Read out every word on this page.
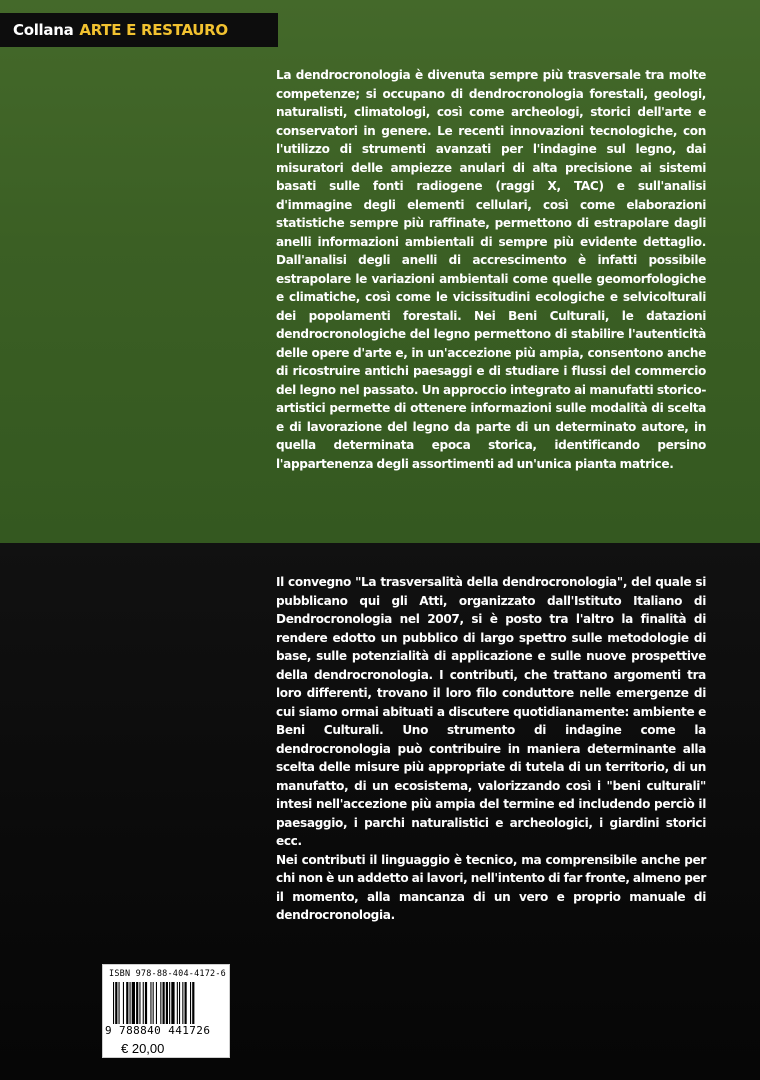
Collana ARTE E RESTAURO

La dendrocronologia è divenuta sempre più trasversale tra molte competenze; si occupano di dendrocronologia forestali, geologi, naturalisti, climatologi, così come archeologi, storici dell'arte e conservatori in genere. Le recenti innovazioni tecnologiche, con l'utilizzo di strumenti avanzati per l'indagine sul legno, dai misuratori delle ampiezze anulari di alta precisione ai sistemi basati sulle fonti radiogene (raggi X, TAC) e sull'analisi d'immagine degli elementi cellulari, così come elaborazioni statistiche sempre più raffinate, permettono di estrapolare dagli anelli informazioni ambientali di sempre più evidente dettaglio. Dall'analisi degli anelli di accrescimento è infatti possibile estrapolare le variazioni ambientali come quelle geomorfologiche e climatiche, così come le vicissitudini ecologiche e selvicolturali dei popolamenti forestali. Nei Beni Culturali, le datazioni dendrocronologiche del legno permettono di stabilire l'autenticità delle opere d'arte e, in un'accezione più ampia, consentono anche di ricostruire antichi paesaggi e di studiare i flussi del commercio del legno nel passato. Un approccio integrato ai manufatti storico-artistici permette di ottenere informazioni sulle modalità di scelta e di lavorazione del legno da parte di un determinato autore, in quella determinata epoca storica, identificando persino l'appartenenza degli assortimenti ad un'unica pianta matrice.

Il convegno "La trasversalità della dendrocronologia", del quale si pubblicano qui gli Atti, organizzato dall'Istituto Italiano di Dendrocronologia nel 2007, si è posto tra l'altro la finalità di rendere edotto un pubblico di largo spettro sulle metodologie di base, sulle potenzialità di applicazione e sulle nuove prospettive della dendrocronologia. I contributi, che trattano argomenti tra loro differenti, trovano il loro filo conduttore nelle emergenze di cui siamo ormai abituati a discutere quotidianamente: ambiente e Beni Culturali. Uno strumento di indagine come la dendrocronologia può contribuire in maniera determinante alla scelta delle misure più appropriate di tutela di un territorio, di un manufatto, di un ecosistema, valorizzando così i "beni culturali" intesi nell'accezione più ampia del termine ed includendo perciò il paesaggio, i parchi naturalistici e archeologici, i giardini storici ecc.

Nei contributi il linguaggio è tecnico, ma comprensibile anche per chi non è un addetto ai lavori, nell'intento di far fronte, almeno per il momento, alla mancanza di un vero e proprio manuale di dendrocronologia.

ISBN 978-88-404-4172-6
9 788840 441726
€ 20,00
